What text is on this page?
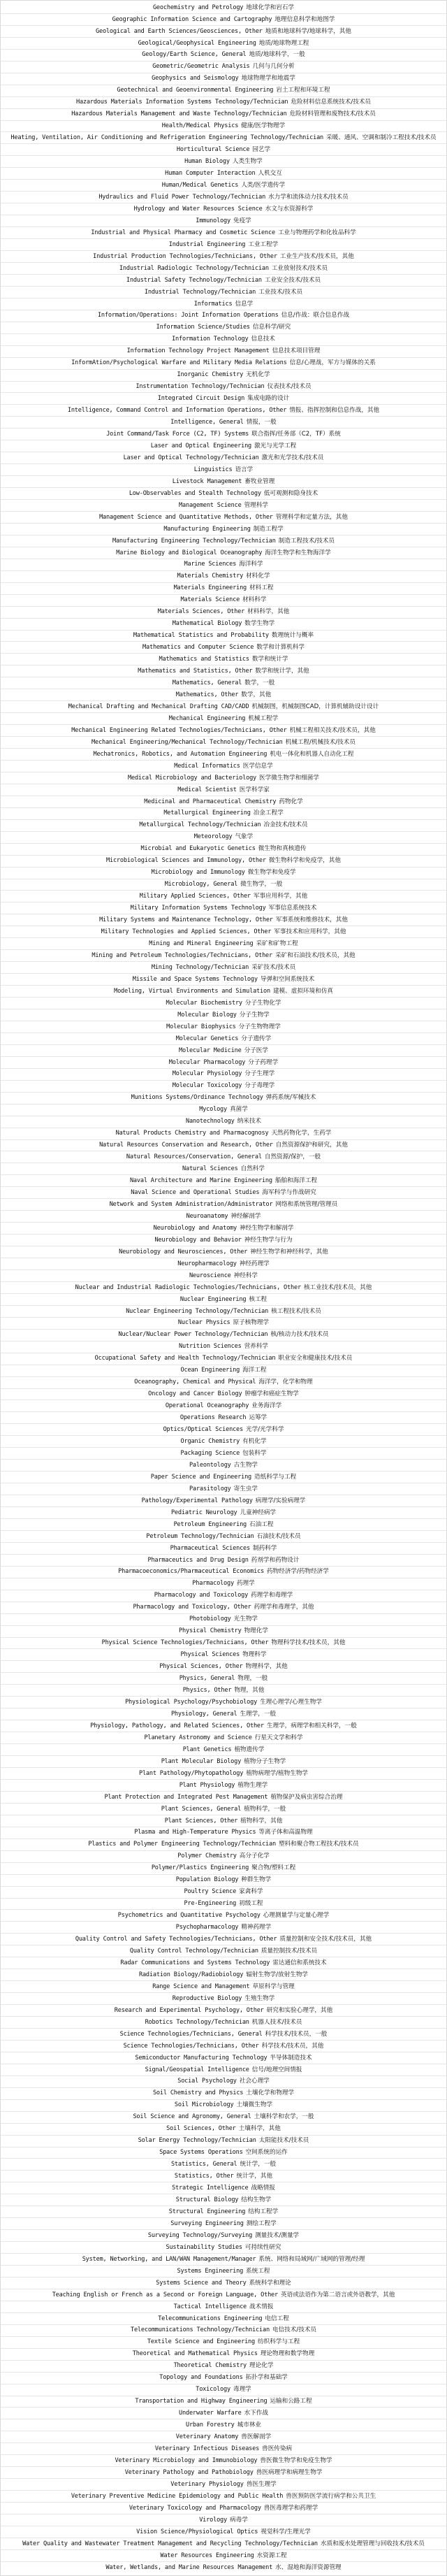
Geochemistry and Petrology 地球化学和岩石学
Geographic Information Science and Cartography 地理信息科学和地图学
Geological and Earth Sciences/Geosciences, Other 地质和地球科学/地球科学，其他
Geological/Geophysical Engineering 地质/地球物理工程
Geology/Earth Science, General 地质/地球科学，一般
Geometric/Geometric Analysis 几何与几何分析
Geophysics and Seismology 地球物理学和地震学
Geotechnical and Geoenvironmental Engineering 岩土工程和环境工程
Hazardous Materials Information Systems Technology/Technician 危险材料信息系统技术/技术员
Hazardous Materials Management and Waste Technology/Technician 危险材料管理和废物技术/技术员
Health/Medical Physics 健康/医学物理学
Heating, Ventilation, Air Conditioning and Refrigeration Engineering Technology/Technician 采暖、通风、空调和制冷工程技术/技术员
Horticultural Science 园艺学
Human Biology 人类生物学
Human Computer Interaction 人机交互
Human/Medical Genetics 人类/医学遗传学
Hydraulics and Fluid Power Technology/Technician 水力学和流体动力技术/技术员
Hydrology and Water Resources Science 水文与水资源科学
Immunology 免疫学
Industrial and Physical Pharmacy and Cosmetic Science 工业与物理药学和化妆品科学
Industrial Engineering 工业工程学
Industrial Production Technologies/Technicians, Other 工业生产技术/技术员，其他
Industrial Radiologic Technology/Technician 工业放射技术/技术员
Industrial Safety Technology/Technician 工业安全技术/技术员
Industrial Technology/Technician 工业技术/技术员
Informatics 信息学
Information/Operations: Joint Information Operations 信息/作战：联合信息作战
Information Science/Studies 信息科学/研究
Information Technology 信息技术
Information Technology Project Management 信息技术项目管理
InformAtion/Psychological Warfare and Military Media Relations 信息/心理战，军方与媒体的关系
Inorganic Chemistry 无机化学
Instrumentation Technology/Technician 仪表技术/技术员
Integrated Circuit Design 集成电路的设计
Intelligence, Command Control and Information Operations, Other 情报、指挥控制和信息作战，其他
Intelligence, General 情报，一般
Joint Command/Task Force (C2, TF) Systems 联合指挥/任务部（C2，TF）系统
Laser and Optical Engineering 激光与光学工程
Laser and Optical Technology/Technician 激光和光学技术/技术员
Linguistics 语言学
Livestock Management 畜牧业管理
Low-Observables and Stealth Technology 低可观测和隐身技术
Management Science 管理科学
Management Science and Quantitative Methods, Other 管理科学和定量方法，其他
Manufacturing Engineering 制造工程学
Manufacturing Engineering Technology/Technician 制造工程技术/技术员
Marine Biology and Biological Oceanography 海洋生物学和生物海洋学
Marine Sciences 海洋科学
Materials Chemistry 材料化学
Materials Engineering 材料工程
Materials Science 材料科学
Materials Sciences, Other 材料科学，其他
Mathematical Biology 数学生物学
Mathematical Statistics and Probability 数理统计与概率
Mathematics and Computer Science 数学和计算机科学
Mathematics and Statistics 数学和统计学
Mathematics and Statistics, Other 数学和统计学，其他
Mathematics, General 数学，一般
Mathematics, Other 数学，其他
Mechanical Drafting and Mechanical Drafting CAD/CADD 机械制图，机械制图CAD，计算机辅助设计设计
Mechanical Engineering 机械工程学
Mechanical Engineering Related Technologies/Technicians, Other 机械工程相关技术/技术员，其他
Mechanical Engineering/Mechanical Technology/Technician 机械工程/机械技术/技术员
Mechatronics, Robotics, and Automation Engineering 机电一体化和机器人自动化工程
Medical Informatics 医学信息学
Medical Microbiology and Bacteriology 医学微生物学和细菌学
Medical Scientist 医学科学家
Medicinal and Pharmaceutical Chemistry 药物化学
Metallurgical Engineering 冶金工程学
Metallurgical Technology/Technician 冶金技术/技术员
Meteorology 气象学
Microbial and Eukaryotic Genetics 微生物和真核遗传
Microbiological Sciences and Immunology, Other 微生物科学和免疫学，其他
Microbiology and Immunology 微生物学和免疫学
Microbiology, General 微生物学，一般
Military Applied Sciences, Other 军事应用科学，其他
Military Information Systems Technology 军事信息系统技术
Military Systems and Maintenance Technology, Other 军事系统和维修技术，其他
Military Technologies and Applied Sciences, Other 军事技术和应用科学，其他
Mining and Mineral Engineering 采矿和矿物工程
Mining and Petroleum Technologies/Technicians, Other 采矿和石油技术/技术员，其他
Mining Technology/Technician 采矿技术/技术员
Missile and Space Systems Technology 导弹和空间系统技术
Modeling, Virtual Environments and Simulation 建模、虚拟环境和仿真
Molecular Biochemistry 分子生物化学
Molecular Biology 分子生物学
Molecular Biophysics 分子生物物理学
Molecular Genetics 分子遗传学
Molecular Medicine 分子医学
Molecular Pharmacology 分子药理学
Molecular Physiology 分子生理学
Molecular Toxicology 分子毒理学
Munitions Systems/Ordinance Technology 弹药系统/军械技术
Mycology 真菌学
Nanotechnology 纳米技术
Natural Products Chemistry and Pharmacognosy 天然药物化学，生药学
Natural Resources Conservation and Research, Other 自然资源保护和研究，其他
Natural Resources/Conservation, General 自然资源/保护，一般
Natural Sciences 自然科学
Naval Architecture and Marine Engineering 船舶和海洋工程
Naval Science and Operational Studies 海军科学与作战研究
Network and System Administration/Administrator 网络和系统管理/管理员
Neuroanatomy 神经解剖学
Neurobiology and Anatomy 神经生物学和解剖学
Neurobiology and Behavior 神经生物学与行为
Neurobiology and Neurosciences, Other 神经生物学和神经科学，其他
Neuropharmacology 神经药理学
Neuroscience 神经科学
Nuclear and Industrial Radiologic Technologies/Technicians, Other 核工业技术/技术员，其他
Nuclear Engineering 核工程
Nuclear Engineering Technology/Technician 核工程技术/技术员
Nuclear Physics 原子核物理学
Nuclear/Nuclear Power Technology/Technician 核/核动力技术/技术员
Nutrition Sciences 营养科学
Occupational Safety and Health Technology/Technician 职业安全和健康技术/技术员
Ocean Engineering 海洋工程
Oceanography, Chemical and Physical 海洋学，化学和物理
Oncology and Cancer Biology 肿瘤学和癌症生物学
Operational Oceanography 业务海洋学
Operations Research 运筹学
Optics/Optical Sciences 光学/光学科学
Organic Chemistry 有机化学
Packaging Science 包装科学
Paleontology 古生物学
Paper Science and Engineering 造纸科学与工程
Parasitology 寄生虫学
Pathology/Experimental Pathology 病理学/实验病理学
Pediatric Neurology 儿童神经病学
Petroleum Engineering 石油工程
Petroleum Technology/Technician 石油技术/技术员
Pharmaceutical Sciences 制药科学
Pharmaceutics and Drug Design 药剂学和药物设计
Pharmacoeconomics/Pharmaceutical Economics 药物经济学/药物经济学
Pharmacology 药理学
Pharmacology and Toxicology 药理学和毒理学
Pharmacology and Toxicology, Other 药理学和毒理学，其他
Photobiology 光生物学
Physical Chemistry 物理化学
Physical Science Technologies/Technicians, Other 物理科学技术/技术员，其他
Physical Sciences 物理科学
Physical Sciences, Other 物理科学，其他
Physics, General 物理，一般
Physics, Other 物理，其他
Physiological Psychology/Psychobiology 生理心理学/心理生物学
Physiology, General 生理学，一般
Physiology, Pathology, and Related Sciences, Other 生理学，病理学和相关科学，一般
Planetary Astronomy and Science 行星天文学和科学
Plant Genetics 植物遗传学
Plant Molecular Biology 植物分子生物学
Plant Pathology/Phytopathology 植物病理学/植物生物学
Plant Physiology 植物生理学
Plant Protection and Integrated Pest Management 植物保护及病虫害综合治理
Plant Sciences, General 植物科学，一般
Plant Sciences, Other 植物科学，其他
Plasma and High-Temperature Physics 等离子体和高温物理
Plastics and Polymer Engineering Technology/Technician 塑料和聚合物工程技术/技术员
Polymer Chemistry 高分子化学
Polymer/Plastics Engineering 聚合物/塑料工程
Population Biology 种群生物学
Poultry Science 家禽科学
Pre-Engineering 初级工程
Psychometrics and Quantitative Psychology 心理测量学与定量心理学
Psychopharmacology 精神药理学
Quality Control and Safety Technologies/Technicians, Other 质量控制和安全技术/技术员，其他
Quality Control Technology/Technician 质量控制技术/技术员
Radar Communications and Systems Technology 雷达通信和系统技术
Radiation Biology/Radiobiology 辐射生物学/放射生物学
Range Science and Management 草原科学与管理
Reproductive Biology 生殖生物学
Research and Experimental Psychology, Other 研究和实验心理学，其他
Robotics Technology/Technician 机器人技术/技术员
Science Technologies/Technicians, General 科学技术/技术员，一般
Science Technologies/Technicians, Other 科学技术/技术员，其他
Semiconductor Manufacturing Technology 半导体制造技术
Signal/Geospatial Intelligence 信号/地理空间情报
Social Psychology 社会心理学
Soil Chemistry and Physics 土壤化学和物理学
Soil Microbiology 土壤微生物学
Soil Science and Agronomy, General 土壤科学和农学，一般
Soil Sciences, Other 土壤科学，其他
Solar Energy Technology/Technician 太阳能技术/技术员
Space Systems Operations 空间系统的运作
Statistics, General 统计学，一般
Statistics, Other 统计学，其他
Strategic Intelligence 战略情报
Structural Biology 结构生物学
Structural Engineering 结构工程学
Surveying Engineering 测绘工程学
Surveying Technology/Surveying 测量技术/测量学
Sustainability Studies 可持续性研究
System, Networking, and LAN/WAN Management/Manager 系统、网络和局域网/广域网的管理/经理
Systems Engineering 系统工程
Systems Science and Theory 系统科学和理论
Teaching English or French as a Second or Foreign Language, Other 英语或法语作为第二语言或外语教学，其他
Tactical Intelligence 战术情报
Telecommunications Engineering 电信工程
Telecommunications Technology/Technician 电信技术/技术员
Textile Science and Engineering 纺织科学与工程
Theoretical and Mathematical Physics 理论物理和数学物理
Theoretical Chemistry 理论化学
Topology and Foundations 拓扑学和基础学
Toxicology 毒理学
Transportation and Highway Engineering 运输和公路工程
Underwater Warfare 水下作战
Urban Forestry 城市林业
Veterinary Anatomy 兽医解剖学
Veterinary Infectious Diseases 兽医传染病
Veterinary Microbiology and Immunobiology 兽医微生物学和免疫生物学
Veterinary Pathology and Pathobiology 兽医病理学和病理生物学
Veterinary Physiology 兽医生理学
Veterinary Preventive Medicine Epidemiology and Public Health 兽医预防医学流行病学和公共卫生
Veterinary Toxicology and Pharmacology 兽医毒理学和药理学
Virology 病毒学
Vision Science/Physiological Optics 视觉科学/生理光学
Water Quality and Wastewater Treatment Management and Recycling Technology/Technician 水质和废水处理管理与回收技术/技术员
Water Resources Engineering 水资源工程
Water, Wetlands, and Marine Resources Management 水、湿地和海洋资源管理
